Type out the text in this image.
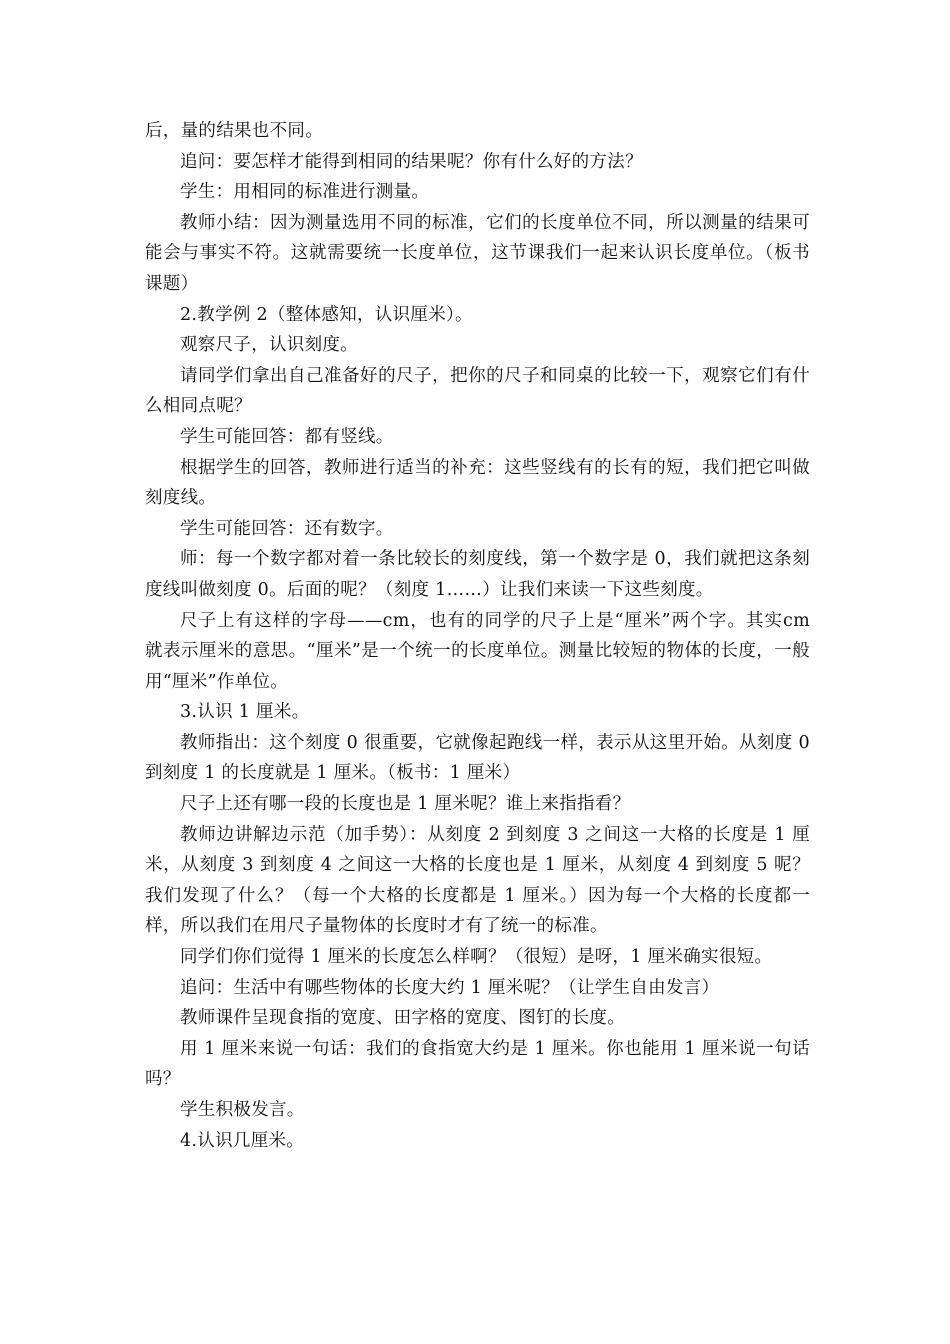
后，量的结果也不同。

追问：要怎样才能得到相同的结果呢？你有什么好的方法？

学生：用相同的标准进行测量。

教师小结：因为测量选用不同的标准，它们的长度单位不同，所以测量的结果可能会与事实不符。这就需要统一长度单位，这节课我们一起来认识长度单位。（板书课题）

2.教学例 2（整体感知，认识厘米）。

观察尺子，认识刻度。

请同学们拿出自己准备好的尺子，把你的尺子和同桌的比较一下，观察它们有什么相同点呢？

学生可能回答：都有竖线。

根据学生的回答，教师进行适当的补充：这些竖线有的长有的短，我们把它叫做刻度线。

学生可能回答：还有数字。

师：每一个数字都对着一条比较长的刻度线，第一个数字是 0，我们就把这条刻度线叫做刻度 0。后面的呢？（刻度 1……）让我们来读一下这些刻度。

尺子上有这样的字母——cm，也有的同学的尺子上是“厘米”两个字。其实cm 就表示厘米的意思。“厘米”是一个统一的长度单位。测量比较短的物体的长度，一般用“厘米”作单位。

3.认识 1 厘米。

教师指出：这个刻度 0 很重要，它就像起跑线一样，表示从这里开始。从刻度 0 到刻度 1 的长度就是 1 厘米。（板书：1 厘米）

尺子上还有哪一段的长度也是 1 厘米呢？谁上来指指看？

教师边讲解边示范（加手势）：从刻度 2 到刻度 3 之间这一大格的长度是 1 厘米，从刻度 3 到刻度 4 之间这一大格的长度也是 1 厘米，从刻度 4 到刻度 5 呢？我们发现了什么？（每一个大格的长度都是 1 厘米。）因为每一个大格的长度都一样，所以我们在用尺子量物体的长度时才有了统一的标准。

同学们你们觉得 1 厘米的长度怎么样啊？（很短）是呀，1 厘米确实很短。

追问：生活中有哪些物体的长度大约 1 厘米呢？（让学生自由发言）

教师课件呈现食指的宽度、田字格的宽度、图钉的长度。

用 1 厘米来说一句话：我们的食指宽大约是 1 厘米。你也能用 1 厘米说一句话吗？

学生积极发言。

4.认识几厘米。
